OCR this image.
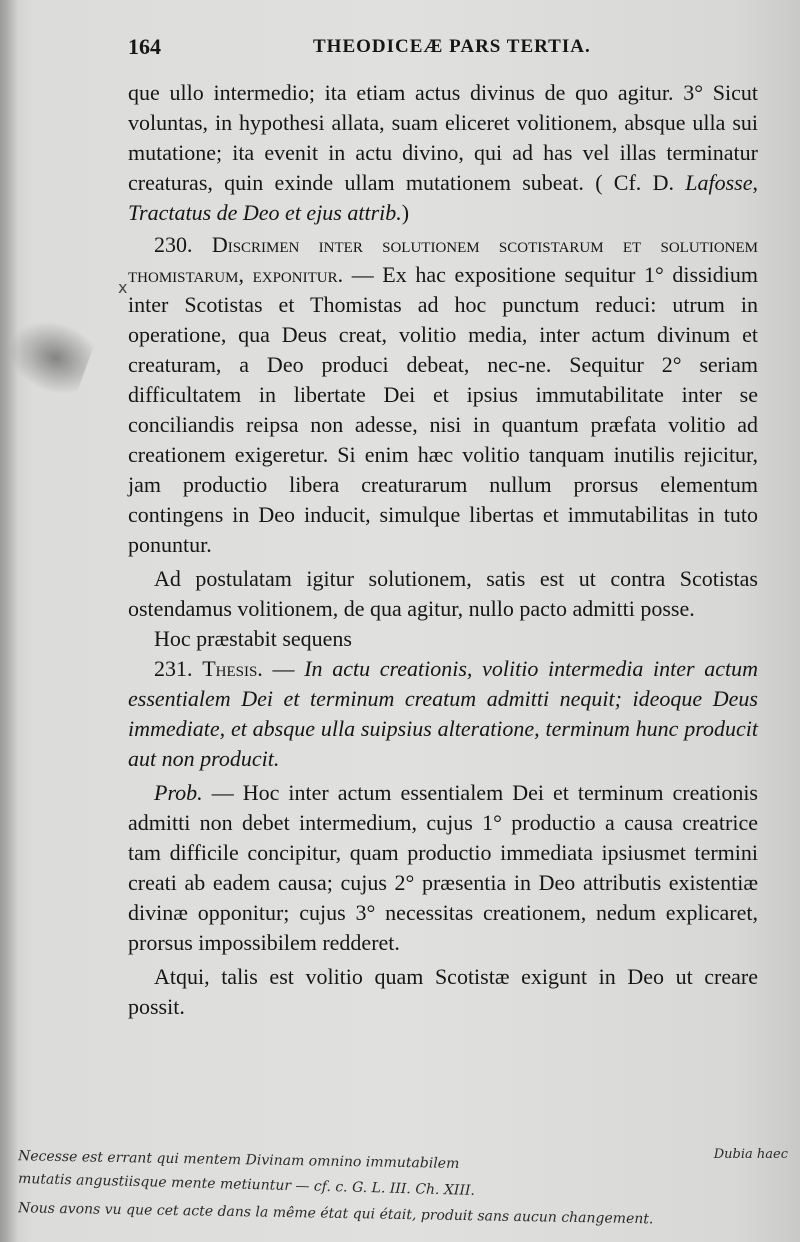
164	THEODICEÆ PARS TERTIA.
x

que ullo intermedio; ita etiam actus divinus de quo agitur. 3° Sicut voluntas, in hypothesi allata, suam eliceret volitionem, absque ulla sui mutatione; ita evenit in actu divino, qui ad has vel illas terminatur creaturas, quin exinde ullam mutationem subeat. ( Cf. D. Lafosse, Tractatus de Deo et ejus attrib.)

230. Discrimen inter solutionem scotistarum et solutionem thomistarum, exponitur. — Ex hac expositione sequitur 1° dissidium inter Scotistas et Thomistas ad hoc punctum reduci: utrum in operatione, qua Deus creat, volitio media, inter actum divinum et creaturam, a Deo produci debeat, nec-ne. Sequitur 2° seriam difficultatem in libertate Dei et ipsius immutabilitate inter se conciliandis reipsa non adesse, nisi in quantum præfata volitio ad creationem exigeretur. Si enim hæc volitio tanquam inutilis rejicitur, jam productio libera creaturarum nullum prorsus elementum contingens in Deo inducit, simulque libertas et immutabilitas in tuto ponuntur.

Ad postulatam igitur solutionem, satis est ut contra Scotistas ostendamus volitionem, de qua agitur, nullo pacto admitti posse.

Hoc præstabit sequens

231. Thesis. — In actu creationis, volitio intermedia inter actum essentialem Dei et terminum creatum admitti nequit; ideoque Deus immediate, et absque ulla suipsius alteratione, terminum hunc producit aut non producit.

Prob. — Hoc inter actum essentialem Dei et terminum creationis admitti non debet intermedium, cujus 1° productio a causa creatrice tam difficile concipitur, quam productio immediata ipsiusmet termini creati ab eadem causa; cujus 2° præsentia in Deo attributis existentiæ divinæ opponitur; cujus 3° necessitas creationem, nedum explicaret, prorsus impossibilem redderet.

Atqui, talis est volitio quam Scotistæ exigunt in Deo ut creare possit.

Necesse est errant qui mentem Divinam omnino immutabilem	Dubia haec
mutatis angustiisque mente metiuntur — cf. c. G. L. III. Ch. XIII.
Nous avons vu que cet acte dans la même état qui était, produit sans aucun changement.
